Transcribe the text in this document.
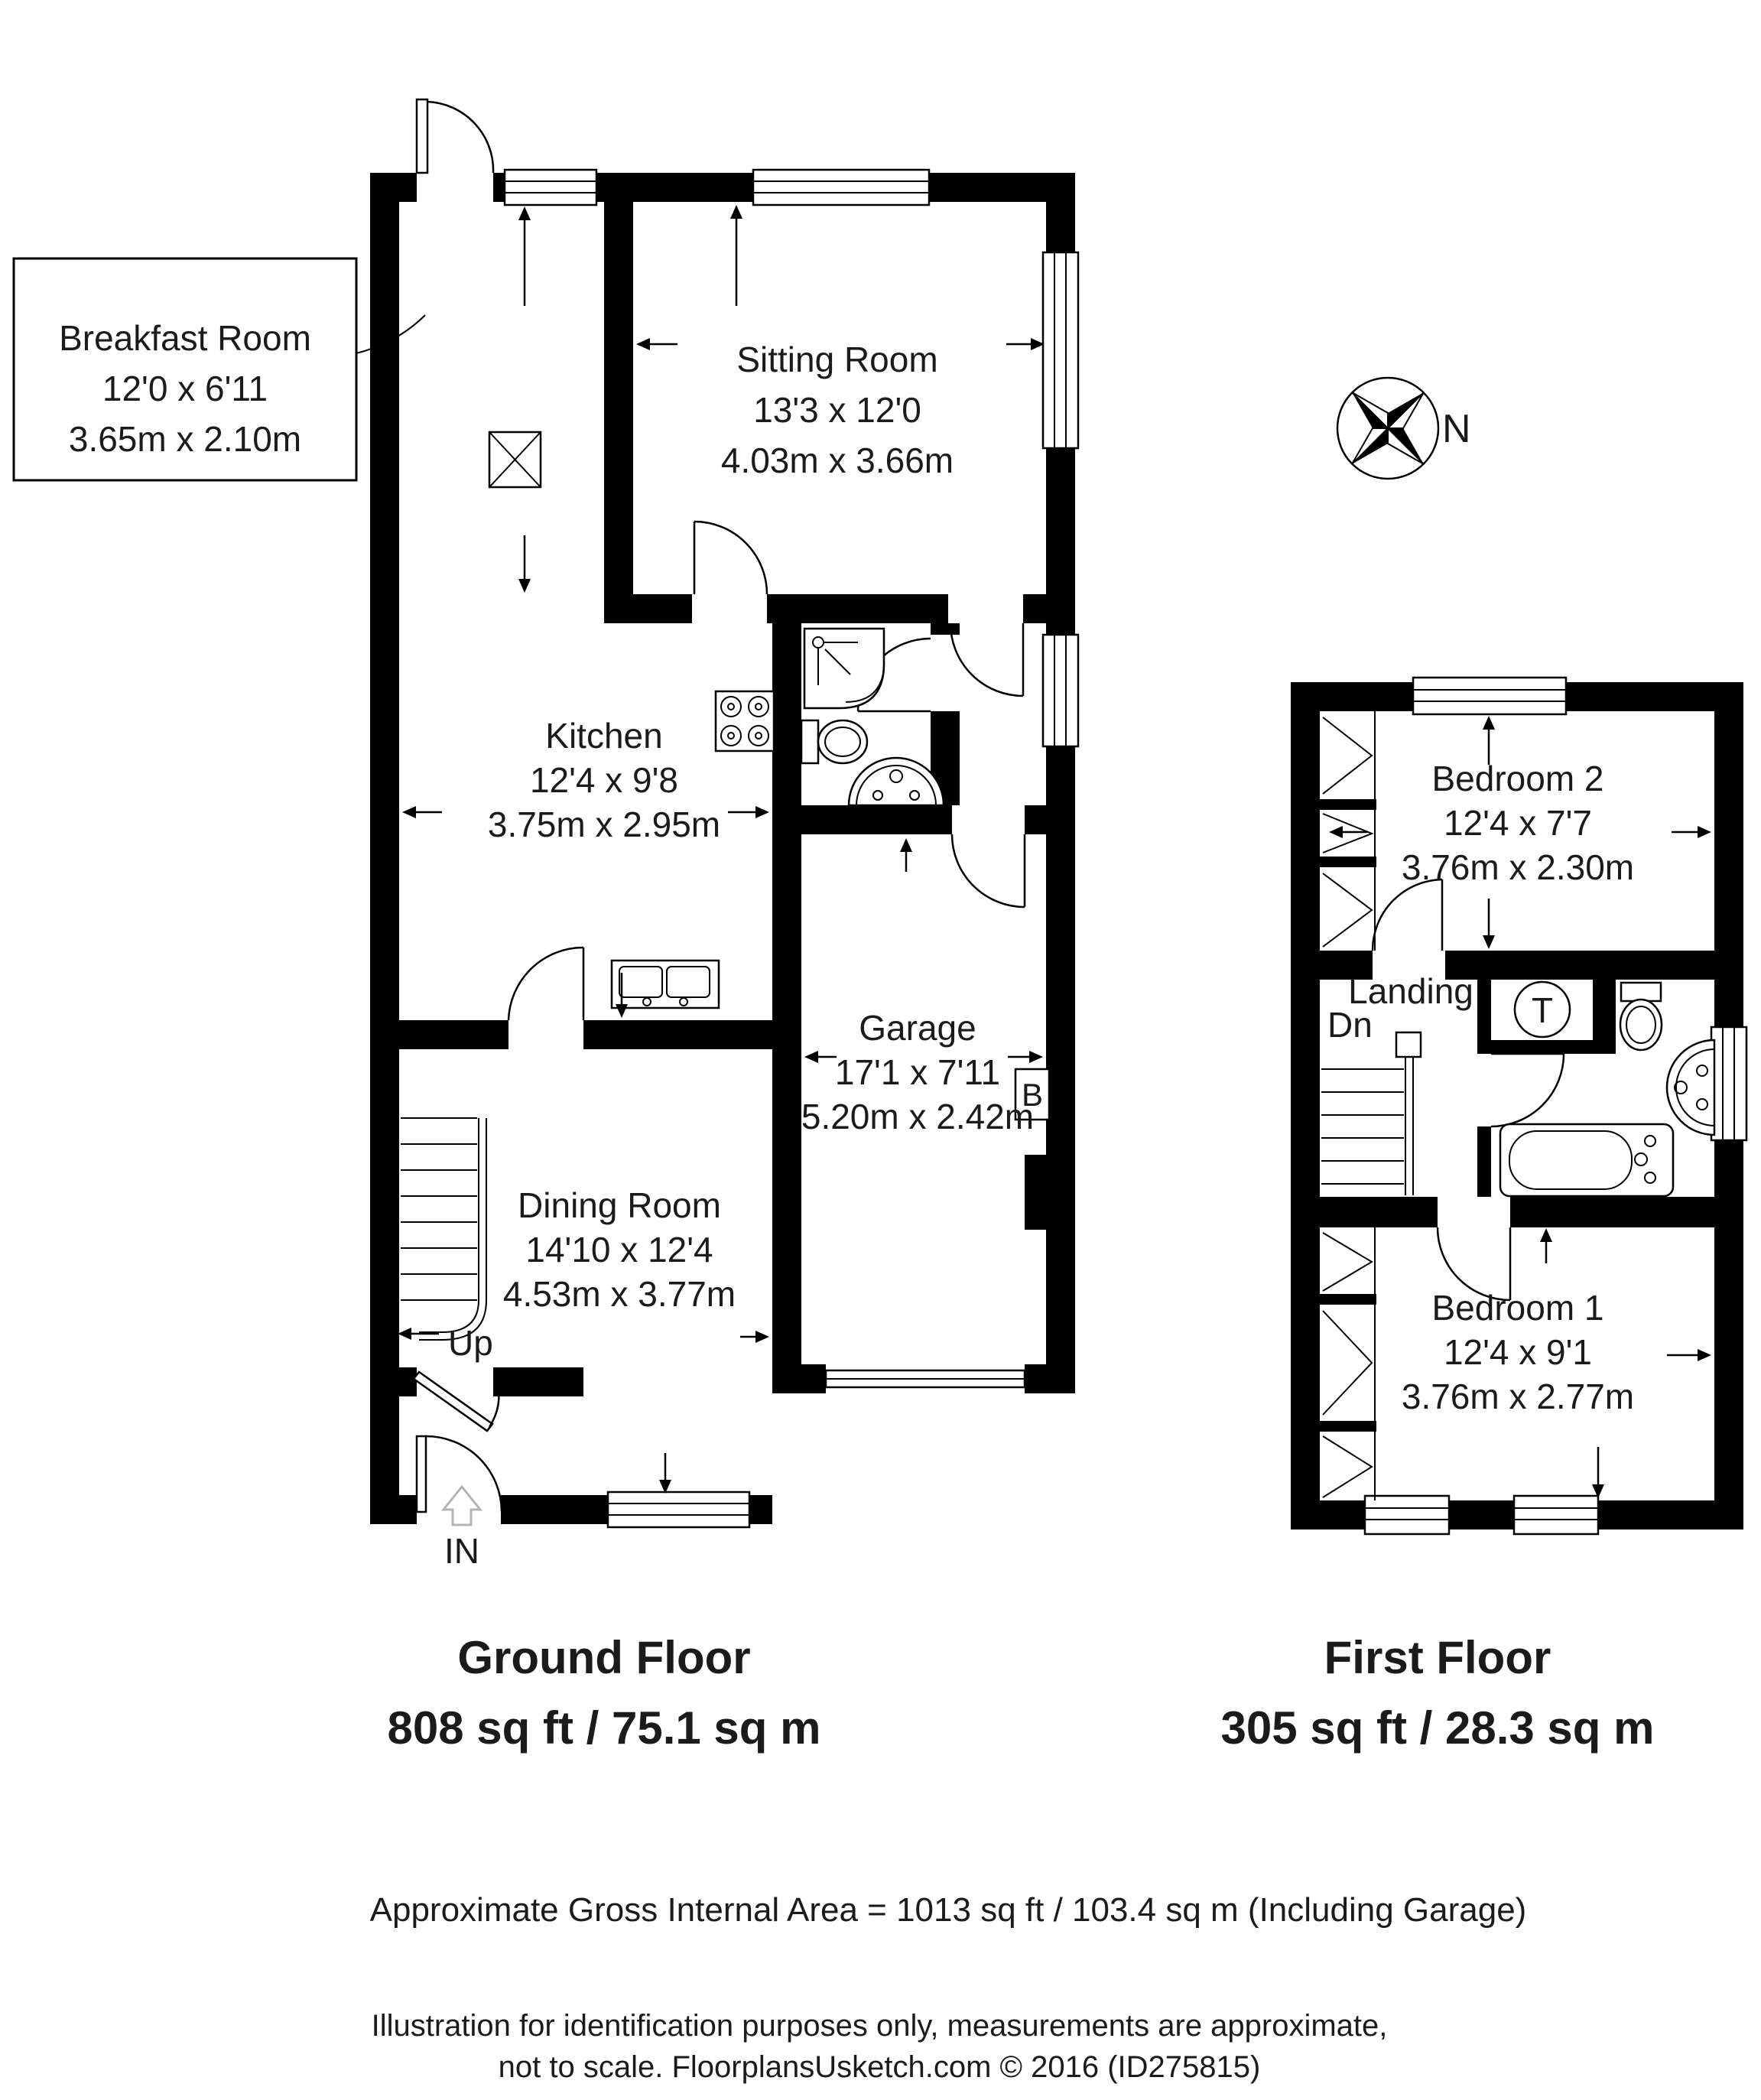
Breakfast Room
12'0 x 6'11
3.65m x 2.10m
Sitting Room
13'3 x 12'0
4.03m x 3.66m
Kitchen
12'4 x 9'8
3.75m x 2.95m
Garage
17'1 x 7'11
5.20m x 2.42m
Dining Room
14'10 x 12'4
4.53m x 3.77m
Bedroom 2
12'4 x 7'7
3.76m x 2.30m
Bedroom 1
12'4 x 9'1
3.76m x 2.77m
Landing
Dn	T
Up
IN
B
N
Ground Floor
808 sq ft / 75.1 sq m
First Floor
305 sq ft / 28.3 sq m
Approximate Gross Internal Area = 1013 sq ft / 103.4 sq m (Including Garage)
Illustration for identification purposes only, measurements are approximate,
not to scale. FloorplansUsketch.com © 2016 (ID275815)
